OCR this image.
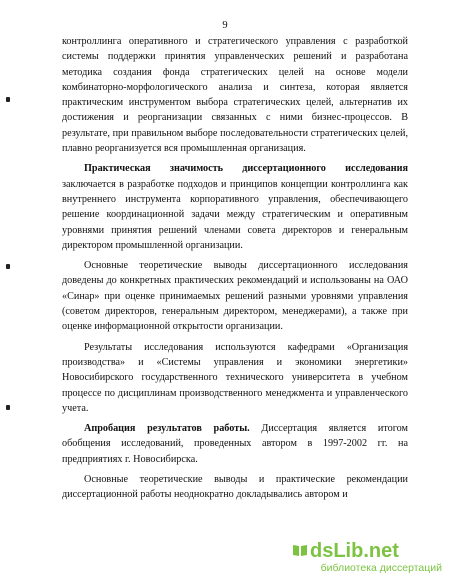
9

контроллинга оперативного и стратегического управления с разработкой системы поддержки принятия управленческих решений и разработана методика создания фонда стратегических целей на основе модели комбинаторно-морфологического анализа и синтеза, которая является практическим инструментом выбора стратегических целей, альтернатив их достижения и реорганизации связанных с ними бизнес-процессов. В результате, при правильном выборе последовательности стратегических целей, плавно реорганизуется вся промышленная организация.

Практическая значимость диссертационного исследования заключается в разработке подходов и принципов концепции контроллинга как внутреннего инструмента корпоративного управления, обеспечивающего решение координационной задачи между стратегическим и оперативным уровнями принятия решений членами совета директоров и генеральным директором промышленной организации.

Основные теоретические выводы диссертационного исследования доведены до конкретных практических рекомендаций и использованы на ОАО «Синар» при оценке принимаемых решений разными уровнями управления (советом директоров, генеральным директором, менеджерами), а также при оценке информационной открытости организации.

Результаты исследования используются кафедрами «Организация производства» и «Системы управления и экономики энергетики» Новосибирского государственного технического университета в учебном процессе по дисциплинам производственного менеджмента и управленческого учета.

Апробация результатов работы. Диссертация является итогом обобщения исследований, проведенных автором в 1997-2002 гг. на предприятиях г. Новосибирска.

Основные теоретические выводы и практические рекомендации диссертационной работы неоднократно докладывались автором и

dsLib.net
библиотека диссертаций
